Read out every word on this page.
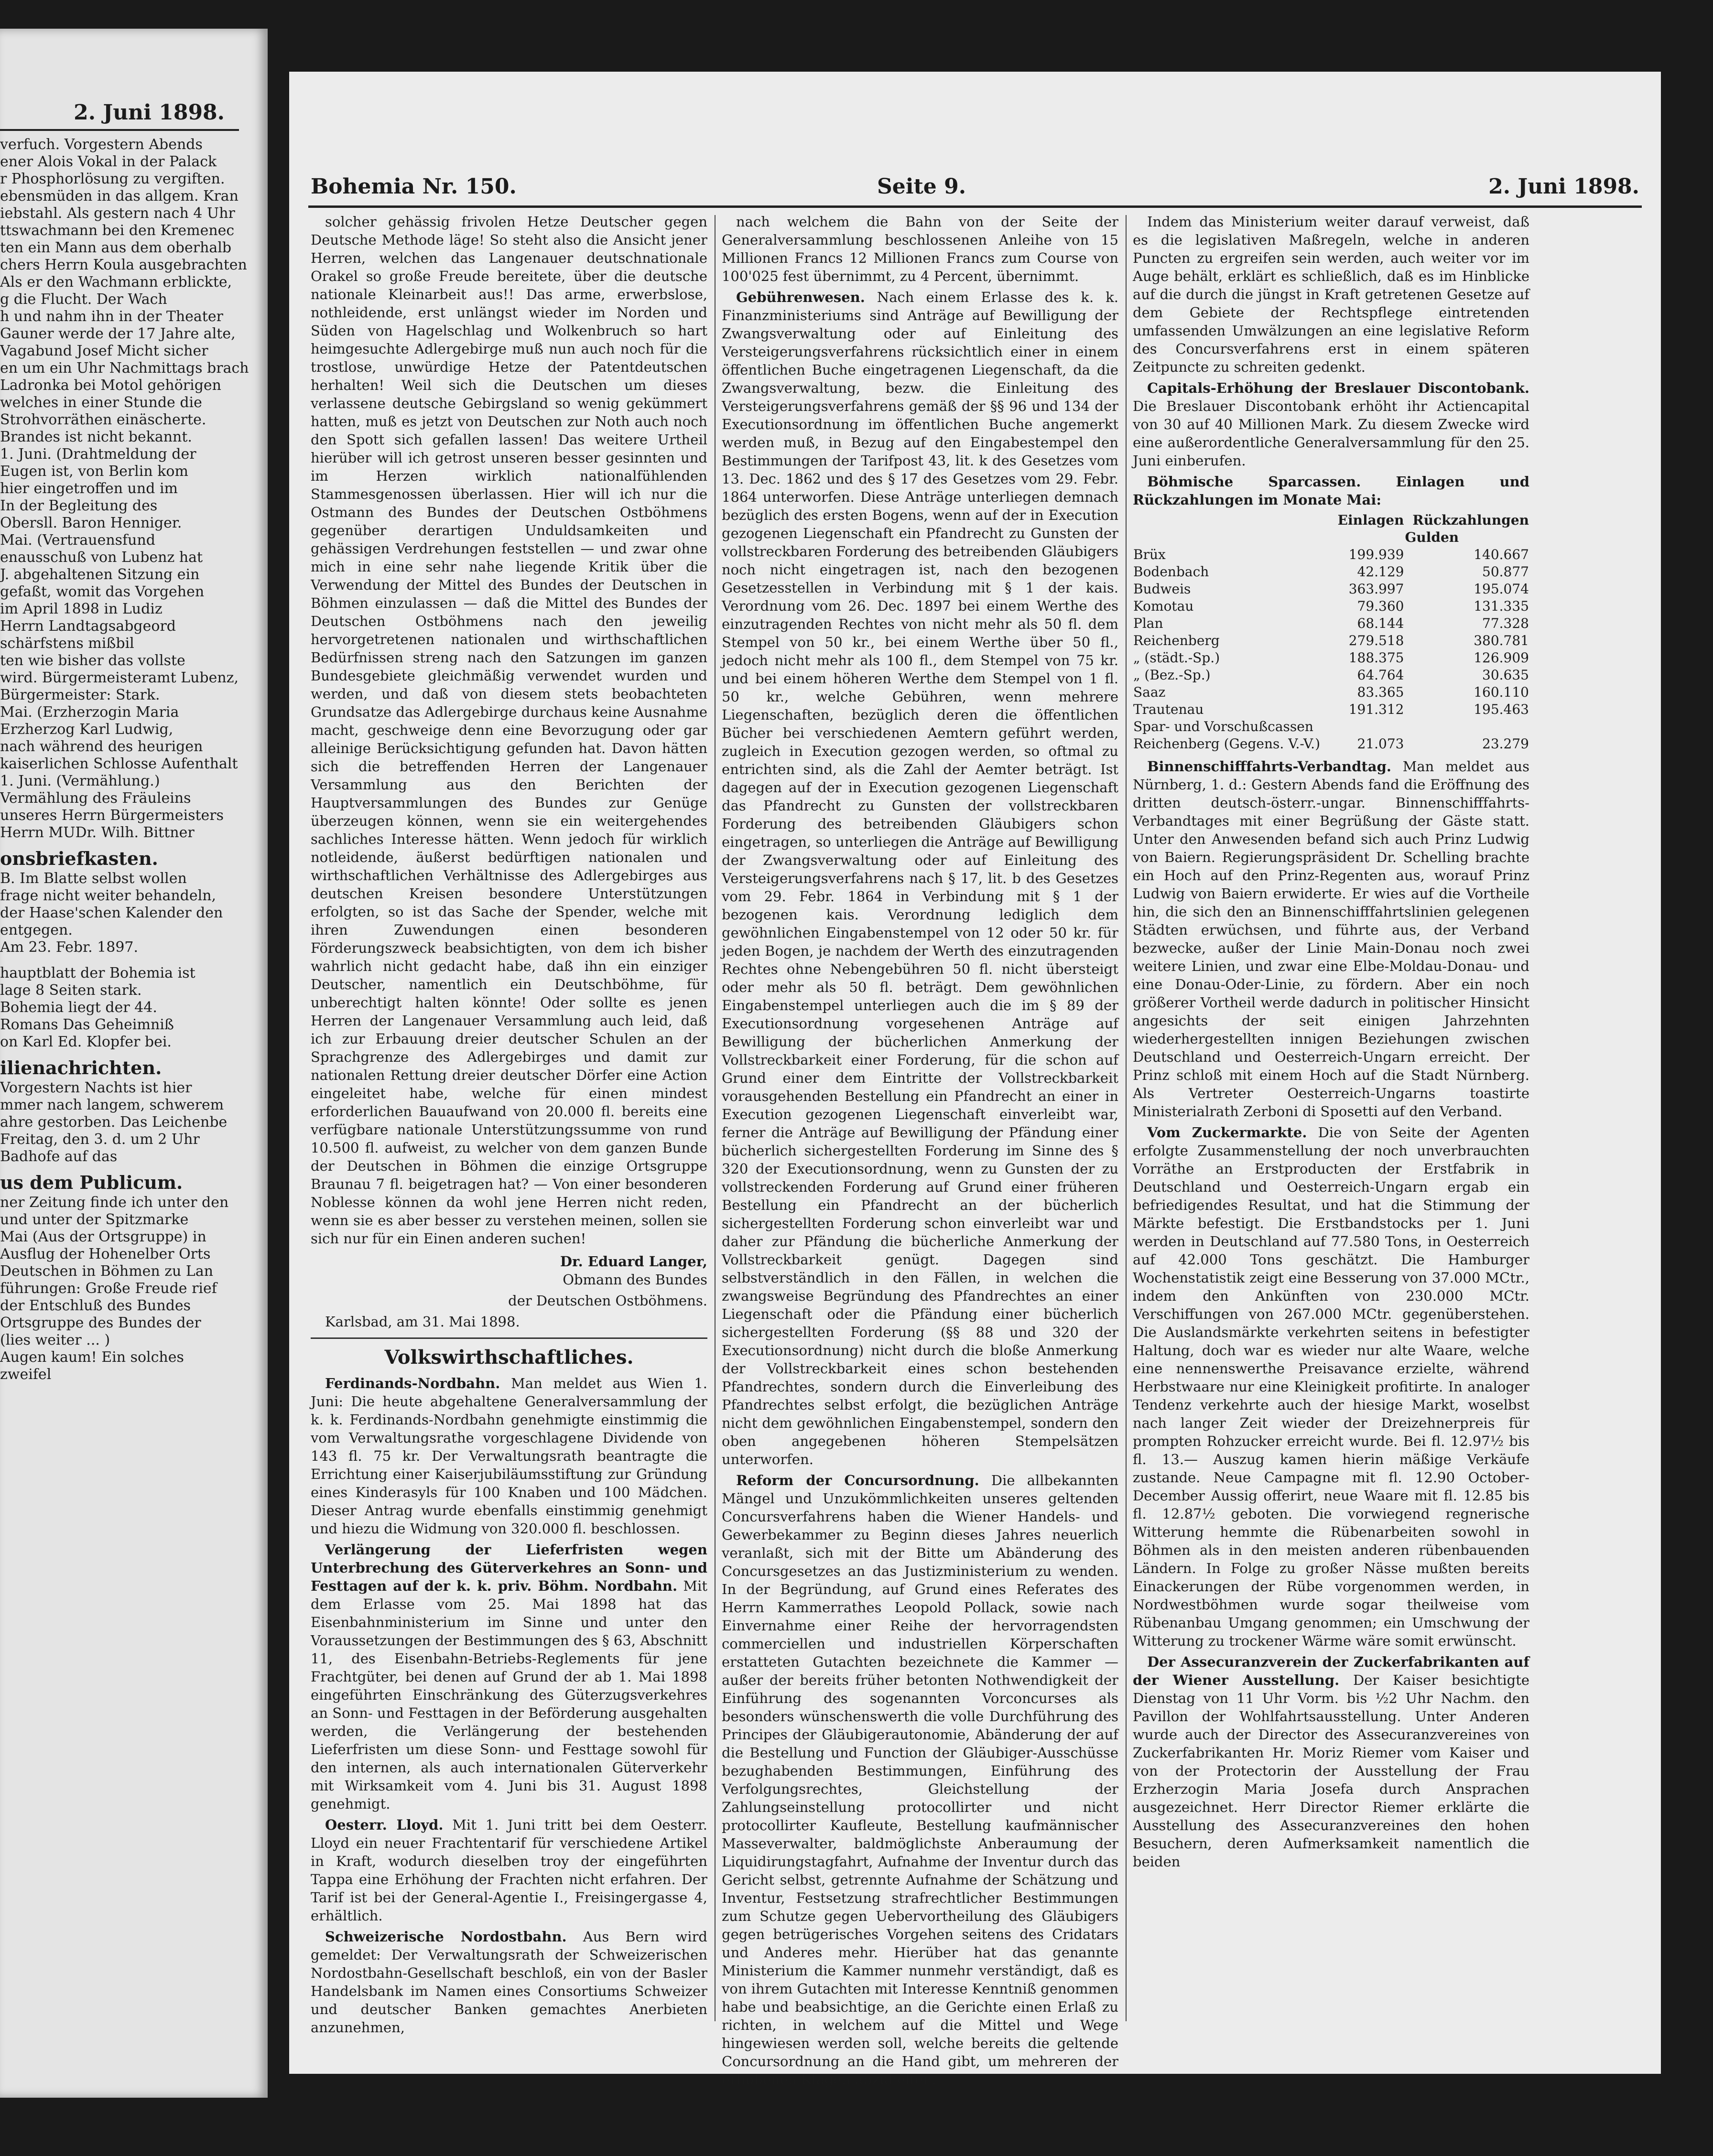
2. Juni 1898.

verfuch. Vorgestern Abends

ener Alois Vokal in der Palack

r Phosphorlösung zu vergiften.

ebensmüden in das allgem. Kran

iebstahl. Als gestern nach 4 Uhr

ttswachmann bei den Kremenec

ten ein Mann aus dem oberhalb

chers Herrn Koula ausgebrachten

Als er den Wachmann erblickte,

g die Flucht. Der Wach

h und nahm ihn in der Theater

Gauner werde der 17 Jahre alte,

Vagabund Josef Micht sicher

en um ein Uhr Nachmittags brach

Ladronka bei Motol gehörigen

welches in einer Stunde die

Strohvorräthen einäscherte.

Brandes ist nicht bekannt.

1. Juni. (Drahtmeldung der

Eugen ist, von Berlin kom

hier eingetroffen und im

In der Begleitung des

Obersll. Baron Henniger.

Mai. (Vertrauensfund

enausschuß von Lubenz hat

J. abgehaltenen Sitzung ein

gefaßt, womit das Vorgehen

im April 1898 in Ludiz

Herrn Landtagsabgeord

schärfstens mißbil

ten wie bisher das vollste

wird. Bürgermeisteramt Lubenz,

Bürgermeister: Stark.

Mai. (Erzherzogin Maria

Erzherzog Karl Ludwig,

nach während des heurigen

kaiserlichen Schlosse Aufenthalt

1. Juni. (Vermählung.)

Vermählung des Fräuleins

unseres Herrn Bürgermeisters

Herrn MUDr. Wilh. Bittner

onsbriefkasten.

B. Im Blatte selbst wollen

frage nicht weiter behandeln,

der Haase'schen Kalender den

entgegen.

Am 23. Febr. 1897.

hauptblatt der Bohemia ist

lage 8 Seiten stark.

Bohemia liegt der 44.

Romans Das Geheimniß

on Karl Ed. Klopfer bei.

ilienachrichten.

Vorgestern Nachts ist hier

mmer nach langem, schwerem

ahre gestorben. Das Leichenbe

Freitag, den 3. d. um 2 Uhr

Badhofe auf das

us dem Publicum.

ner Zeitung finde ich unter den

und unter der Spitzmarke

Mai (Aus der Ortsgruppe) in

Ausflug der Hohenelber Orts

Deutschen in Böhmen zu Lan

führungen: Große Freude rief

der Entschluß des Bundes

Ortsgruppe des Bundes der

(lies weiter ... )

Augen kaum! Ein solches

zweifel

Bohemia Nr. 150.	Seite 9.	2. Juni 1898.

solcher gehässig frivolen Hetze Deutscher gegen Deutsche Methode läge! So steht also die Ansicht jener Herren, welchen das Langenauer deutschnationale Orakel so große Freude bereitete, über die deutsche nationale Kleinarbeit aus!! Das arme, erwerbslose, nothleidende, erst unlängst wieder im Norden und Süden von Hagelschlag und Wolkenbruch so hart heimgesuchte Adlergebirge muß nun auch noch für die trostlose, unwürdige Hetze der Patentdeutschen herhalten! Weil sich die Deutschen um dieses verlassene deutsche Gebirgsland so wenig gekümmert hatten, muß es jetzt von Deutschen zur Noth auch noch den Spott sich gefallen lassen! Das weitere Urtheil hierüber will ich getrost unseren besser gesinnten und im Herzen wirklich nationalfühlenden Stammesgenossen überlassen. Hier will ich nur die Ostmann des Bundes der Deutschen Ostböhmens gegenüber derartigen Unduldsamkeiten und gehässigen Verdrehungen feststellen — und zwar ohne mich in eine sehr nahe liegende Kritik über die Verwendung der Mittel des Bundes der Deutschen in Böhmen einzulassen — daß die Mittel des Bundes der Deutschen Ostböhmens nach den jeweilig hervorgetretenen nationalen und wirthschaftlichen Bedürfnissen streng nach den Satzungen im ganzen Bundesgebiete gleichmäßig verwendet wurden und werden, und daß von diesem stets beobachteten Grundsatze das Adlergebirge durchaus keine Ausnahme macht, geschweige denn eine Bevorzugung oder gar alleinige Berücksichtigung gefunden hat. Davon hätten sich die betreffenden Herren der Langenauer Versammlung aus den Berichten der Hauptversammlungen des Bundes zur Genüge überzeugen können, wenn sie ein weitergehendes sachliches Interesse hätten. Wenn jedoch für wirklich notleidende, äußerst bedürftigen nationalen und wirthschaftlichen Verhältnisse des Adlergebirges aus deutschen Kreisen besondere Unterstützungen erfolgten, so ist das Sache der Spender, welche mit ihren Zuwendungen einen besonderen Förderungszweck beabsichtigten, von dem ich bisher wahrlich nicht gedacht habe, daß ihn ein einziger Deutscher, namentlich ein Deutschböhme, für unberechtigt halten könnte! Oder sollte es jenen Herren der Langenauer Versammlung auch leid, daß ich zur Erbauung dreier deutscher Schulen an der Sprachgrenze des Adlergebirges und damit zur nationalen Rettung dreier deutscher Dörfer eine Action eingeleitet habe, welche für einen mindest erforderlichen Bauaufwand von 20.000 fl. bereits eine verfügbare nationale Unterstützungssumme von rund 10.500 fl. aufweist, zu welcher von dem ganzen Bunde der Deutschen in Böhmen die einzige Ortsgruppe Braunau 7 fl. beigetragen hat? — Von einer besonderen Noblesse können da wohl jene Herren nicht reden, wenn sie es aber besser zu verstehen meinen, sollen sie sich nur für ein Einen anderen suchen!

Dr. Eduard Langer,

Obmann des Bundes

der Deutschen Ostböhmens.

Karlsbad, am 31. Mai 1898.

Volkswirthschaftliches.

Ferdinands-Nordbahn. Man meldet aus Wien 1. Juni: Die heute abgehaltene Generalversammlung der k. k. Ferdinands-Nordbahn genehmigte einstimmig die vom Verwaltungsrathe vorgeschlagene Dividende von 143 fl. 75 kr. Der Verwaltungsrath beantragte die Errichtung einer Kaiserjubiläumsstiftung zur Gründung eines Kinderasyls für 100 Knaben und 100 Mädchen. Dieser Antrag wurde ebenfalls einstimmig genehmigt und hiezu die Widmung von 320.000 fl. beschlossen.

Verlängerung der Lieferfristen wegen Unterbrechung des Güterverkehres an Sonn- und Festtagen auf der k. k. priv. Böhm. Nordbahn. Mit dem Erlasse vom 25. Mai 1898 hat das Eisenbahnministerium im Sinne und unter den Voraussetzungen der Bestimmungen des § 63, Abschnitt 11, des Eisenbahn-Betriebs-Reglements für jene Frachtgüter, bei denen auf Grund der ab 1. Mai 1898 eingeführten Einschränkung des Güterzugsverkehres an Sonn- und Festtagen in der Beförderung ausgehalten werden, die Verlängerung der bestehenden Lieferfristen um diese Sonn- und Festtage sowohl für den internen, als auch internationalen Güterverkehr mit Wirksamkeit vom 4. Juni bis 31. August 1898 genehmigt.

Oesterr. Lloyd. Mit 1. Juni tritt bei dem Oesterr. Lloyd ein neuer Frachtentarif für verschiedene Artikel in Kraft, wodurch dieselben troy der eingeführten Tappa eine Erhöhung der Frachten nicht erfahren. Der Tarif ist bei der General-Agentie I., Freisingergasse 4, erhältlich.

Schweizerische Nordostbahn. Aus Bern wird gemeldet: Der Verwaltungsrath der Schweizerischen Nordostbahn-Gesellschaft beschloß, ein von der Basler Handelsbank im Namen eines Consortiums Schweizer und deutscher Banken gemachtes Anerbieten anzunehmen,

nach welchem die Bahn von der Seite der Generalversammlung beschlossenen Anleihe von 15 Millionen Francs 12 Millionen Francs zum Course von 100'025 fest übernimmt, zu 4 Percent, übernimmt.

Gebührenwesen. Nach einem Erlasse des k. k. Finanzministeriums sind Anträge auf Bewilligung der Zwangsverwaltung oder auf Einleitung des Versteigerungsverfahrens rücksichtlich einer in einem öffentlichen Buche eingetragenen Liegenschaft, da die Zwangsverwaltung, bezw. die Einleitung des Versteigerungsverfahrens gemäß der §§ 96 und 134 der Executionsordnung im öffentlichen Buche angemerkt werden muß, in Bezug auf den Eingabestempel den Bestimmungen der Tarifpost 43, lit. k des Gesetzes vom 13. Dec. 1862 und des § 17 des Gesetzes vom 29. Febr. 1864 unterworfen. Diese Anträge unterliegen demnach bezüglich des ersten Bogens, wenn auf der in Execution gezogenen Liegenschaft ein Pfandrecht zu Gunsten der vollstreckbaren Forderung des betreibenden Gläubigers noch nicht eingetragen ist, nach den bezogenen Gesetzesstellen in Verbindung mit § 1 der kais. Verordnung vom 26. Dec. 1897 bei einem Werthe des einzutragenden Rechtes von nicht mehr als 50 fl. dem Stempel von 50 kr., bei einem Werthe über 50 fl., jedoch nicht mehr als 100 fl., dem Stempel von 75 kr. und bei einem höheren Werthe dem Stempel von 1 fl. 50 kr., welche Gebühren, wenn mehrere Liegenschaften, bezüglich deren die öffentlichen Bücher bei verschiedenen Aemtern geführt werden, zugleich in Execution gezogen werden, so oftmal zu entrichten sind, als die Zahl der Aemter beträgt. Ist dagegen auf der in Execution gezogenen Liegenschaft das Pfandrecht zu Gunsten der vollstreckbaren Forderung des betreibenden Gläubigers schon eingetragen, so unterliegen die Anträge auf Bewilligung der Zwangsverwaltung oder auf Einleitung des Versteigerungsverfahrens nach § 17, lit. b des Gesetzes vom 29. Febr. 1864 in Verbindung mit § 1 der bezogenen kais. Verordnung lediglich dem gewöhnlichen Eingabenstempel von 12 oder 50 kr. für jeden Bogen, je nachdem der Werth des einzutragenden Rechtes ohne Nebengebühren 50 fl. nicht übersteigt oder mehr als 50 fl. beträgt. Dem gewöhnlichen Eingabenstempel unterliegen auch die im § 89 der Executionsordnung vorgesehenen Anträge auf Bewilligung der bücherlichen Anmerkung der Vollstreckbarkeit einer Forderung, für die schon auf Grund einer dem Eintritte der Vollstreckbarkeit vorausgehenden Bestellung ein Pfandrecht an einer in Execution gezogenen Liegenschaft einverleibt war, ferner die Anträge auf Bewilligung der Pfändung einer bücherlich sichergestellten Forderung im Sinne des § 320 der Executionsordnung, wenn zu Gunsten der zu vollstreckenden Forderung auf Grund einer früheren Bestellung ein Pfandrecht an der bücherlich sichergestellten Forderung schon einverleibt war und daher zur Pfändung die bücherliche Anmerkung der Vollstreckbarkeit genügt. Dagegen sind selbstverständlich in den Fällen, in welchen die zwangsweise Begründung des Pfandrechtes an einer Liegenschaft oder die Pfändung einer bücherlich sichergestellten Forderung (§§ 88 und 320 der Executionsordnung) nicht durch die bloße Anmerkung der Vollstreckbarkeit eines schon bestehenden Pfandrechtes, sondern durch die Einverleibung des Pfandrechtes selbst erfolgt, die bezüglichen Anträge nicht dem gewöhnlichen Eingabenstempel, sondern den oben angegebenen höheren Stempelsätzen unterworfen.

Reform der Concursordnung. Die allbekannten Mängel und Unzukömmlichkeiten unseres geltenden Concursverfahrens haben die Wiener Handels- und Gewerbekammer zu Beginn dieses Jahres neuerlich veranlaßt, sich mit der Bitte um Abänderung des Concursgesetzes an das Justizministerium zu wenden. In der Begründung, auf Grund eines Referates des Herrn Kammerrathes Leopold Pollack, sowie nach Einvernahme einer Reihe der hervorragendsten commerciellen und industriellen Körperschaften erstatteten Gutachten bezeichnete die Kammer — außer der bereits früher betonten Nothwendigkeit der Einführung des sogenannten Vorconcurses als besonders wünschenswerth die volle Durchführung des Principes der Gläubigerautonomie, Abänderung der auf die Bestellung und Function der Gläubiger-Ausschüsse bezughabenden Bestimmungen, Einführung des Verfolgungsrechtes, Gleichstellung der Zahlungseinstellung protocollirter und nicht protocollirter Kaufleute, Bestellung kaufmännischer Masseverwalter, baldmöglichste Anberaumung der Liquidirungstagfahrt, Aufnahme der Inventur durch das Gericht selbst, getrennte Aufnahme der Schätzung und Inventur, Festsetzung strafrechtlicher Bestimmungen zum Schutze gegen Uebervortheilung des Gläubigers gegen betrügerisches Vorgehen seitens des Cridatars und Anderes mehr. Hierüber hat das genannte Ministerium die Kammer nunmehr verständigt, daß es von ihrem Gutachten mit Interesse Kenntniß genommen habe und beabsichtige, an die Gerichte einen Erlaß zu richten, in welchem auf die Mittel und Wege hingewiesen werden soll, welche bereits die geltende Concursordnung an die Hand gibt, um mehreren der erhobenen Klagen abzuhelfen.

Indem das Ministerium weiter darauf verweist, daß es die legislativen Maßregeln, welche in anderen Puncten zu ergreifen sein werden, auch weiter vor im Auge behält, erklärt es schließlich, daß es im Hinblicke auf die durch die jüngst in Kraft getretenen Gesetze auf dem Gebiete der Rechtspflege eintretenden umfassenden Umwälzungen an eine legislative Reform des Concursverfahrens erst in einem späteren Zeitpuncte zu schreiten gedenkt.

Capitals-Erhöhung der Breslauer Discontobank. Die Breslauer Discontobank erhöht ihr Actiencapital von 30 auf 40 Millionen Mark. Zu diesem Zwecke wird eine außerordentliche Generalversammlung für den 25. Juni einberufen.

Böhmische Sparcassen. Einlagen und Rückzahlungen im Monate Mai:

	Einlagen	Rückzahlungen
		Gulden
Brüx	199.939	140.667
Bodenbach	42.129	50.877
Budweis	363.997	195.074
Komotau	79.360	131.335
Plan	68.144	77.328
Reichenberg	279.518	380.781
„ (städt.-Sp.)	188.375	126.909
„ (Bez.-Sp.)	64.764	30.635
Saaz	83.365	160.110
Trautenau	191.312	195.463
Spar- und Vorschußcassen		
Reichenberg (Gegens. V.-V.)	21.073	23.279

Binnenschifffahrts-Verbandtag. Man meldet aus Nürnberg, 1. d.: Gestern Abends fand die Eröffnung des dritten deutsch-österr.-ungar. Binnenschifffahrts-Verbandtages mit einer Begrüßung der Gäste statt. Unter den Anwesenden befand sich auch Prinz Ludwig von Baiern. Regierungspräsident Dr. Schelling brachte ein Hoch auf den Prinz-Regenten aus, worauf Prinz Ludwig von Baiern erwiderte. Er wies auf die Vortheile hin, die sich den an Binnenschifffahrtslinien gelegenen Städten erwüchsen, und führte aus, der Verband bezwecke, außer der Linie Main-Donau noch zwei weitere Linien, und zwar eine Elbe-Moldau-Donau- und eine Donau-Oder-Linie, zu fördern. Aber ein noch größerer Vortheil werde dadurch in politischer Hinsicht angesichts der seit einigen Jahrzehnten wiederhergestellten innigen Beziehungen zwischen Deutschland und Oesterreich-Ungarn erreicht. Der Prinz schloß mit einem Hoch auf die Stadt Nürnberg. Als Vertreter Oesterreich-Ungarns toastirte Ministerialrath Zerboni di Sposetti auf den Verband.

Vom Zuckermarkte. Die von Seite der Agenten erfolgte Zusammenstellung der noch unverbrauchten Vorräthe an Erstproducten der Erstfabrik in Deutschland und Oesterreich-Ungarn ergab ein befriedigendes Resultat, und hat die Stimmung der Märkte befestigt. Die Erstbandstocks per 1. Juni werden in Deutschland auf 77.580 Tons, in Oesterreich auf 42.000 Tons geschätzt. Die Hamburger Wochenstatistik zeigt eine Besserung von 37.000 MCtr., indem den Ankünften von 230.000 MCtr. Verschiffungen von 267.000 MCtr. gegenüberstehen. Die Auslandsmärkte verkehrten seitens in befestigter Haltung, doch war es wieder nur alte Waare, welche eine nennenswerthe Preisavance erzielte, während Herbstwaare nur eine Kleinigkeit profitirte. In analoger Tendenz verkehrte auch der hiesige Markt, woselbst nach langer Zeit wieder der Dreizehnerpreis für prompten Rohzucker erreicht wurde. Bei fl. 12.97½ bis fl. 13.— Auszug kamen hierin mäßige Verkäufe zustande. Neue Campagne mit fl. 12.90 October-December Aussig offerirt, neue Waare mit fl. 12.85 bis fl. 12.87½ geboten. Die vorwiegend regnerische Witterung hemmte die Rübenarbeiten sowohl in Böhmen als in den meisten anderen rübenbauenden Ländern. In Folge zu großer Nässe mußten bereits Einackerungen der Rübe vorgenommen werden, in Nordwestböhmen wurde sogar theilweise vom Rübenanbau Umgang genommen; ein Umschwung der Witterung zu trockener Wärme wäre somit erwünscht.

Der Assecuranzverein der Zuckerfabrikanten auf der Wiener Ausstellung. Der Kaiser besichtigte Dienstag von 11 Uhr Vorm. bis ½2 Uhr Nachm. den Pavillon der Wohlfahrtsausstellung. Unter Anderen wurde auch der Director des Assecuranzvereines von Zuckerfabrikanten Hr. Moriz Riemer vom Kaiser und von der Protectorin der Ausstellung der Frau Erzherzogin Maria Josefa durch Ansprachen ausgezeichnet. Herr Director Riemer erklärte die Ausstellung des Assecuranzvereines den hohen Besuchern, deren Aufmerksamkeit namentlich die beiden
